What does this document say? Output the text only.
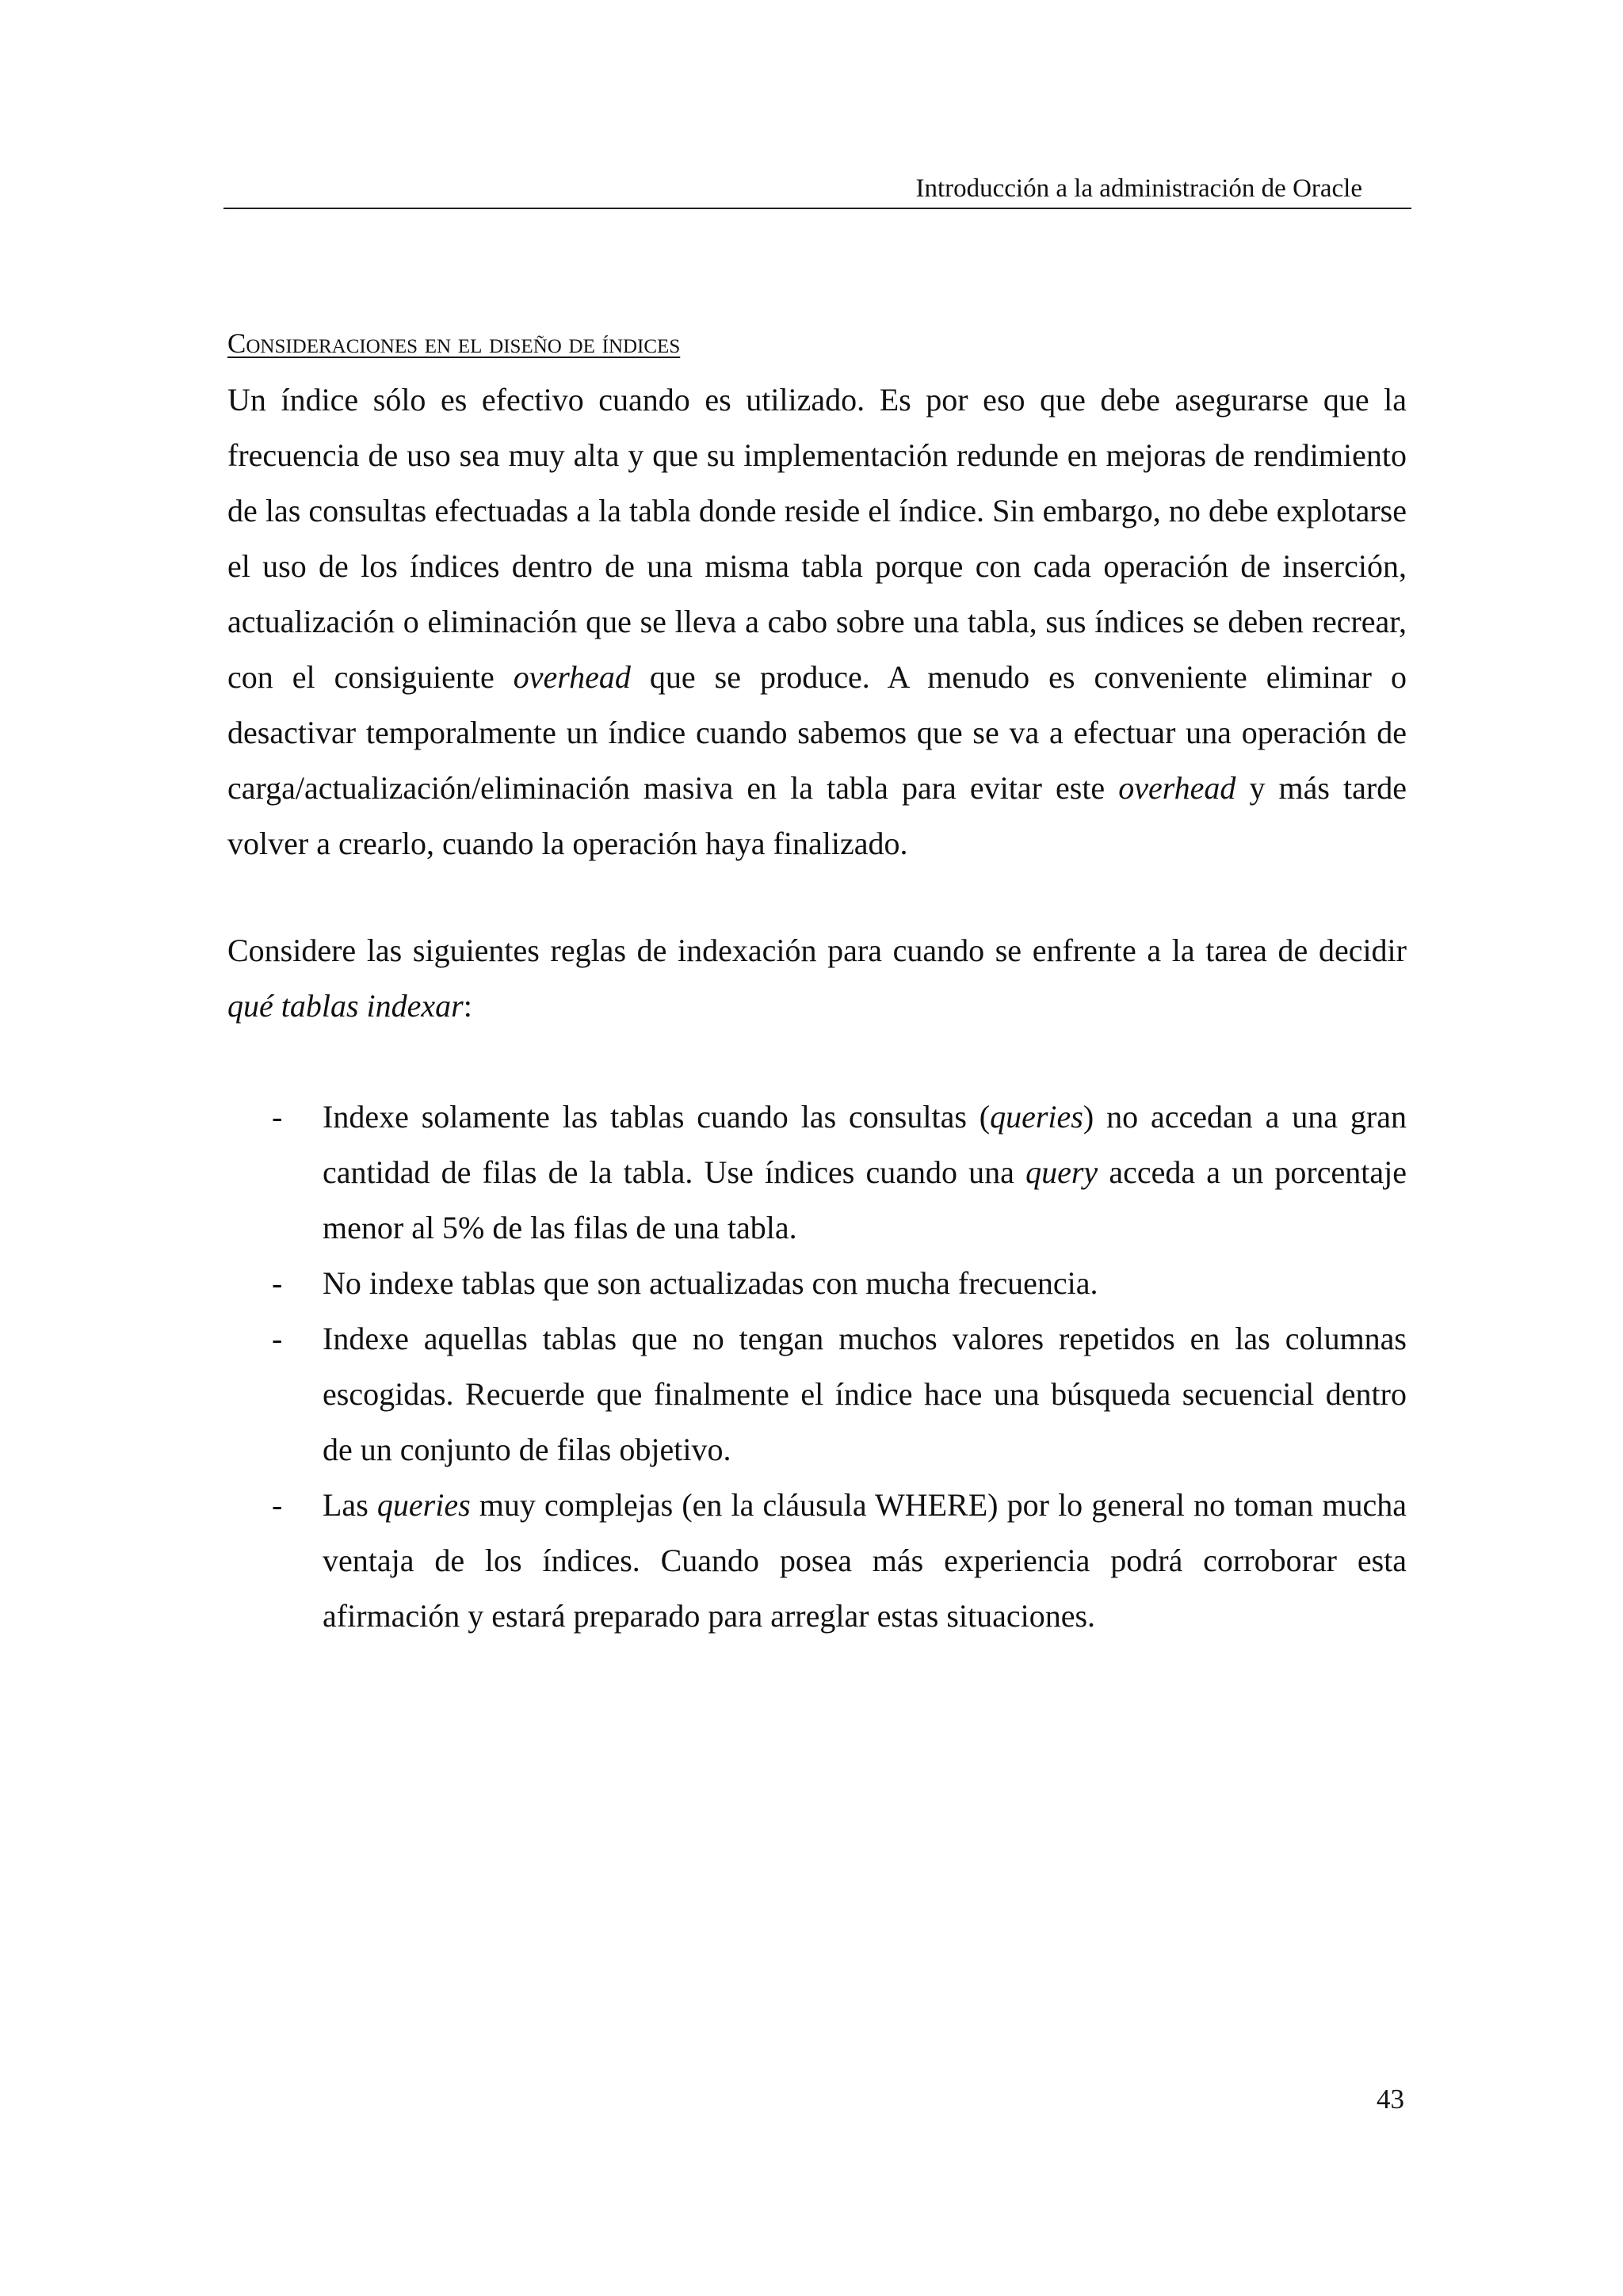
Introducción a la administración de Oracle
Consideraciones en el diseño de índices

Un índice sólo es efectivo cuando es utilizado. Es por eso que debe asegurarse que la frecuencia de uso sea muy alta y que su implementación redunde en mejoras de rendimiento de las consultas efectuadas a la tabla donde reside el índice. Sin embargo, no debe explotarse el uso de los índices dentro de una misma tabla porque con cada operación de inserción, actualización o eliminación que se lleva a cabo sobre una tabla, sus índices se deben recrear, con el consiguiente overhead que se produce. A menudo es conveniente eliminar o desactivar temporalmente un índice cuando sabemos que se va a efectuar una operación de carga/actualización/eliminación masiva en la tabla para evitar este overhead y más tarde volver a crearlo, cuando la operación haya finalizado.

Considere las siguientes reglas de indexación para cuando se enfrente a la tarea de decidir qué tablas indexar:

- Indexe solamente las tablas cuando las consultas (queries) no accedan a una gran cantidad de filas de la tabla. Use índices cuando una query acceda a un porcentaje menor al 5% de las filas de una tabla.
- No indexe tablas que son actualizadas con mucha frecuencia.
- Indexe aquellas tablas que no tengan muchos valores repetidos en las columnas escogidas. Recuerde que finalmente el índice hace una búsqueda secuencial dentro de un conjunto de filas objetivo.
- Las queries muy complejas (en la cláusula WHERE) por lo general no toman mucha ventaja de los índices. Cuando posea más experiencia podrá corroborar esta afirmación y estará preparado para arreglar estas situaciones.
43
